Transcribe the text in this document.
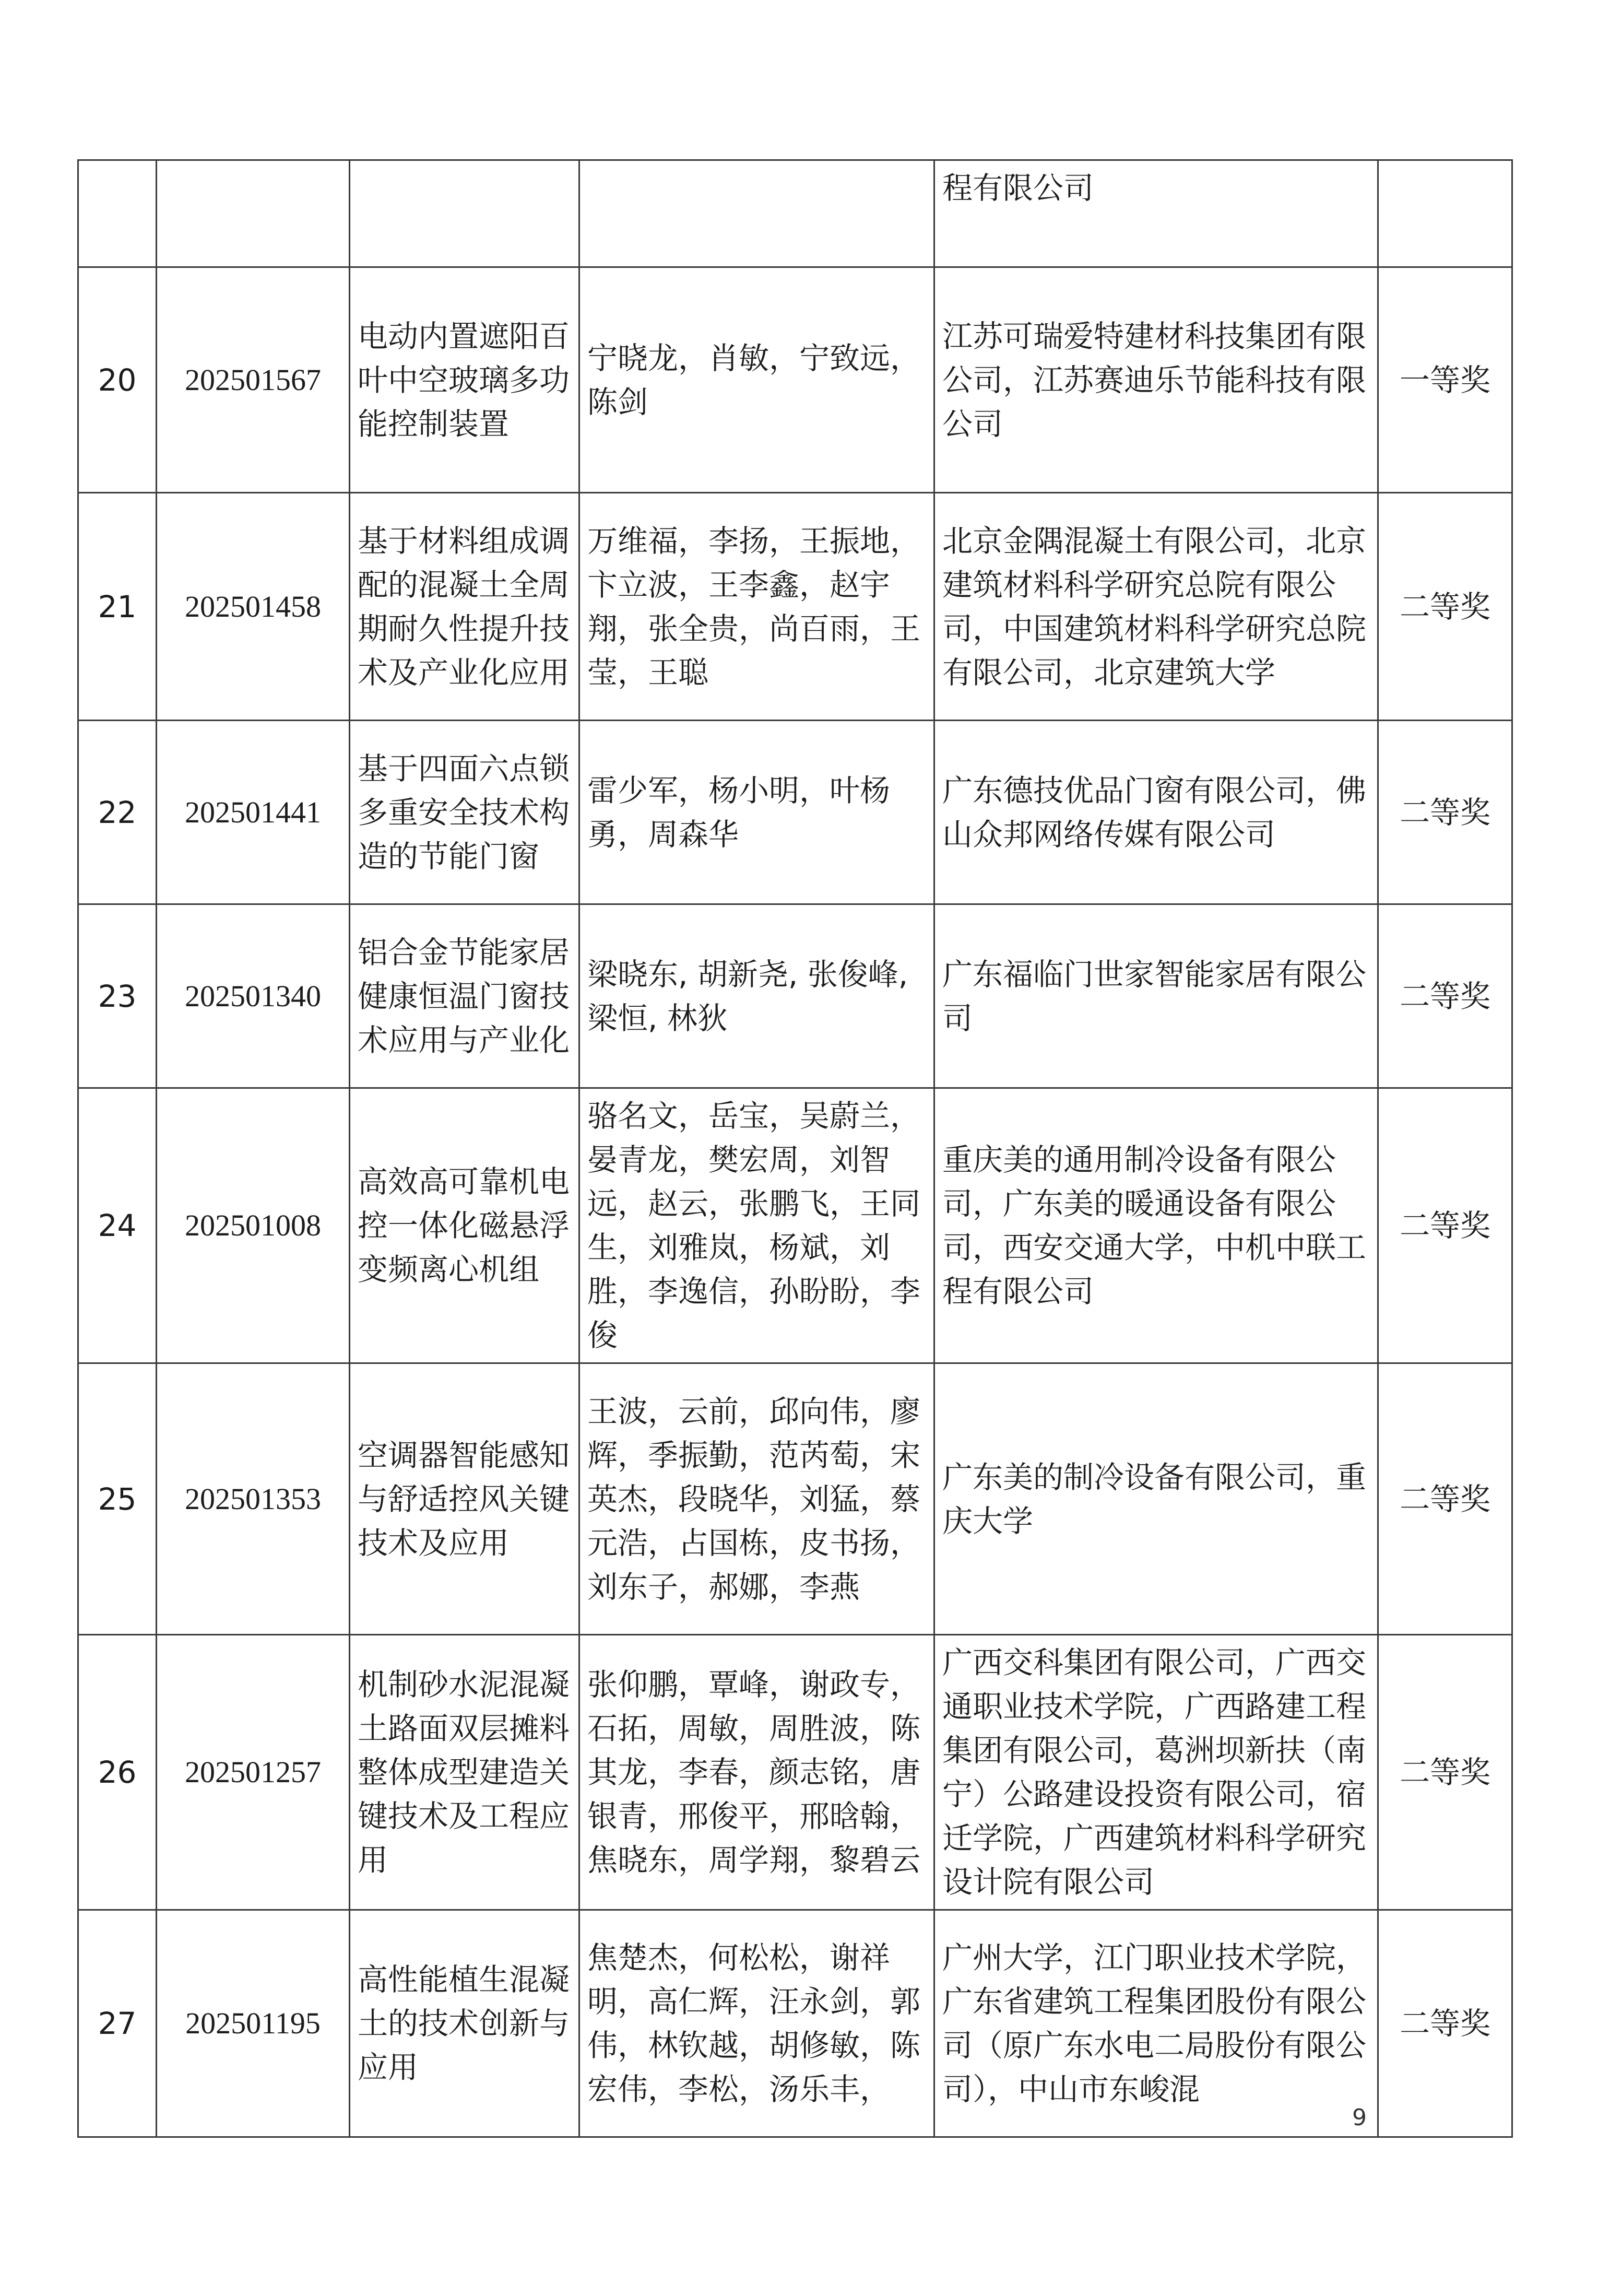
				程有限公司	
20	202501567	电动内置遮阳百叶中空玻璃多功能控制装置	宁晓龙，肖敏，宁致远，陈剑	江苏可瑞爱特建材科技集团有限公司，江苏赛迪乐节能科技有限公司	一等奖
21	202501458	基于材料组成调配的混凝土全周期耐久性提升技术及产业化应用	万维福，李扬，王振地，卞立波，王李鑫，赵宇翔，张全贵，尚百雨，王莹，王聪	北京金隅混凝土有限公司，北京建筑材料科学研究总院有限公司，中国建筑材料科学研究总院有限公司，北京建筑大学	二等奖
22	202501441	基于四面六点锁多重安全技术构造的节能门窗	雷少军，杨小明，叶杨勇，周森华	广东德技优品门窗有限公司，佛山众邦网络传媒有限公司	二等奖
23	202501340	铝合金节能家居健康恒温门窗技术应用与产业化	梁晓东, 胡新尧, 张俊峰, 梁恒, 林狄	广东福临门世家智能家居有限公司	二等奖
24	202501008	高效高可靠机电控一体化磁悬浮变频离心机组	骆名文，岳宝，吴蔚兰，晏青龙，樊宏周，刘智远，赵云，张鹏飞，王同生，刘雅岚，杨斌，刘胜，李逸信，孙盼盼，李俊	重庆美的通用制冷设备有限公司，广东美的暖通设备有限公司，西安交通大学，中机中联工程有限公司	二等奖
25	202501353	空调器智能感知与舒适控风关键技术及应用	王波，云前，邱向伟，廖辉，季振勤，范芮萄，宋英杰，段晓华，刘猛，蔡元浩，占国栋，皮书扬，刘东子，郝娜，李燕	广东美的制冷设备有限公司，重庆大学	二等奖
26	202501257	机制砂水泥混凝土路面双层摊料整体成型建造关键技术及工程应用	张仰鹏，覃峰，谢政专，石拓，周敏，周胜波，陈其龙，李春，颜志铭，唐银青，邢俊平，邢晗翰，焦晓东，周学翔，黎碧云	广西交科集团有限公司，广西交通职业技术学院，广西路建工程集团有限公司，葛洲坝新扶（南宁）公路建设投资有限公司，宿迁学院，广西建筑材料科学研究设计院有限公司	二等奖
27	202501195	高性能植生混凝土的技术创新与应用	焦楚杰，何松松，谢祥明，高仁辉，汪永剑，郭伟，林钦越，胡修敏，陈宏伟，李松，汤乐丰，	广州大学，江门职业技术学院，广东省建筑工程集团股份有限公司（原广东水电二局股份有限公司），中山市东峻混	二等奖
9
